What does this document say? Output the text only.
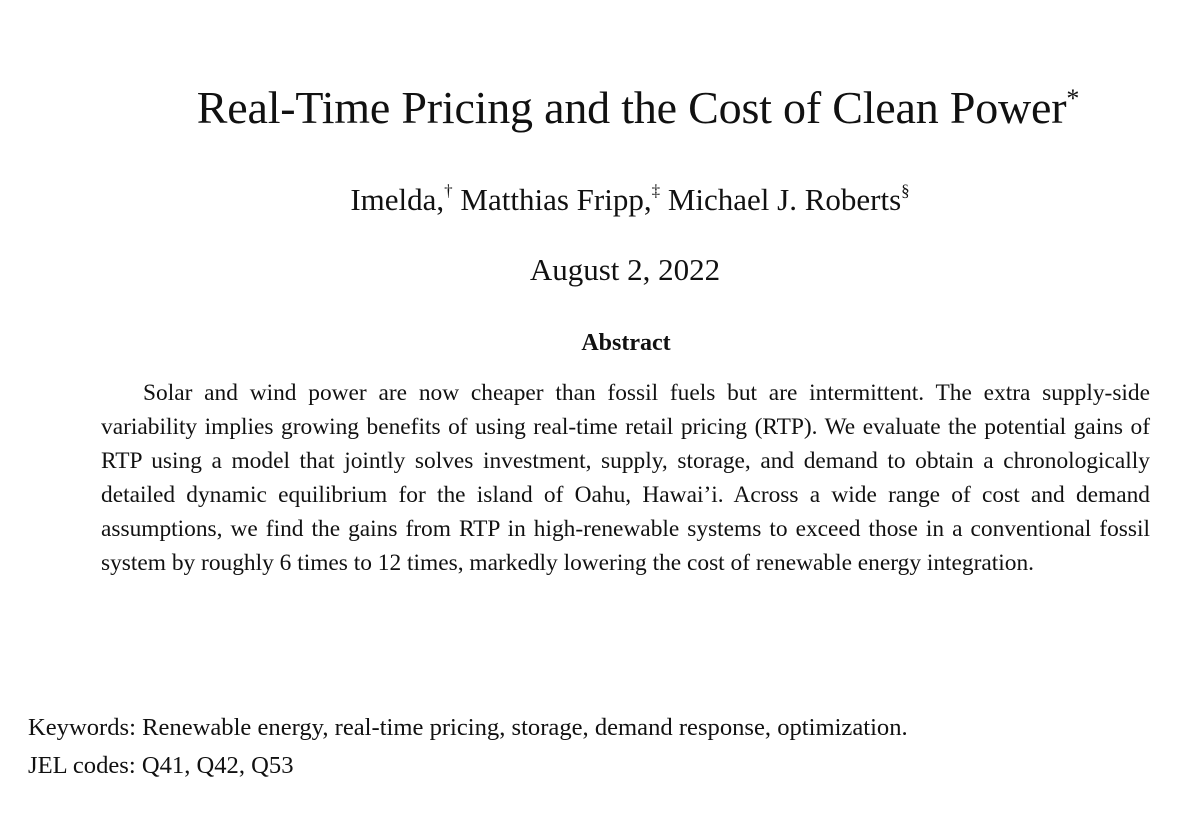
Real-Time Pricing and the Cost of Clean Power*
Imelda,† Matthias Fripp,‡ Michael J. Roberts§
August 2, 2022
Abstract

Solar and wind power are now cheaper than fossil fuels but are intermittent. The extra supply-side variability implies growing benefits of using real-time retail pricing (RTP). We evaluate the potential gains of RTP using a model that jointly solves investment, supply, storage, and demand to obtain a chronologically detailed dynamic equilibrium for the island of Oahu, Hawai’i. Across a wide range of cost and demand assumptions, we find the gains from RTP in high-renewable systems to exceed those in a conventional fossil system by roughly 6 times to 12 times, markedly lowering the cost of renewable energy integration.

Keywords: Renewable energy, real-time pricing, storage, demand response, optimization.
JEL codes: Q41, Q42, Q53
